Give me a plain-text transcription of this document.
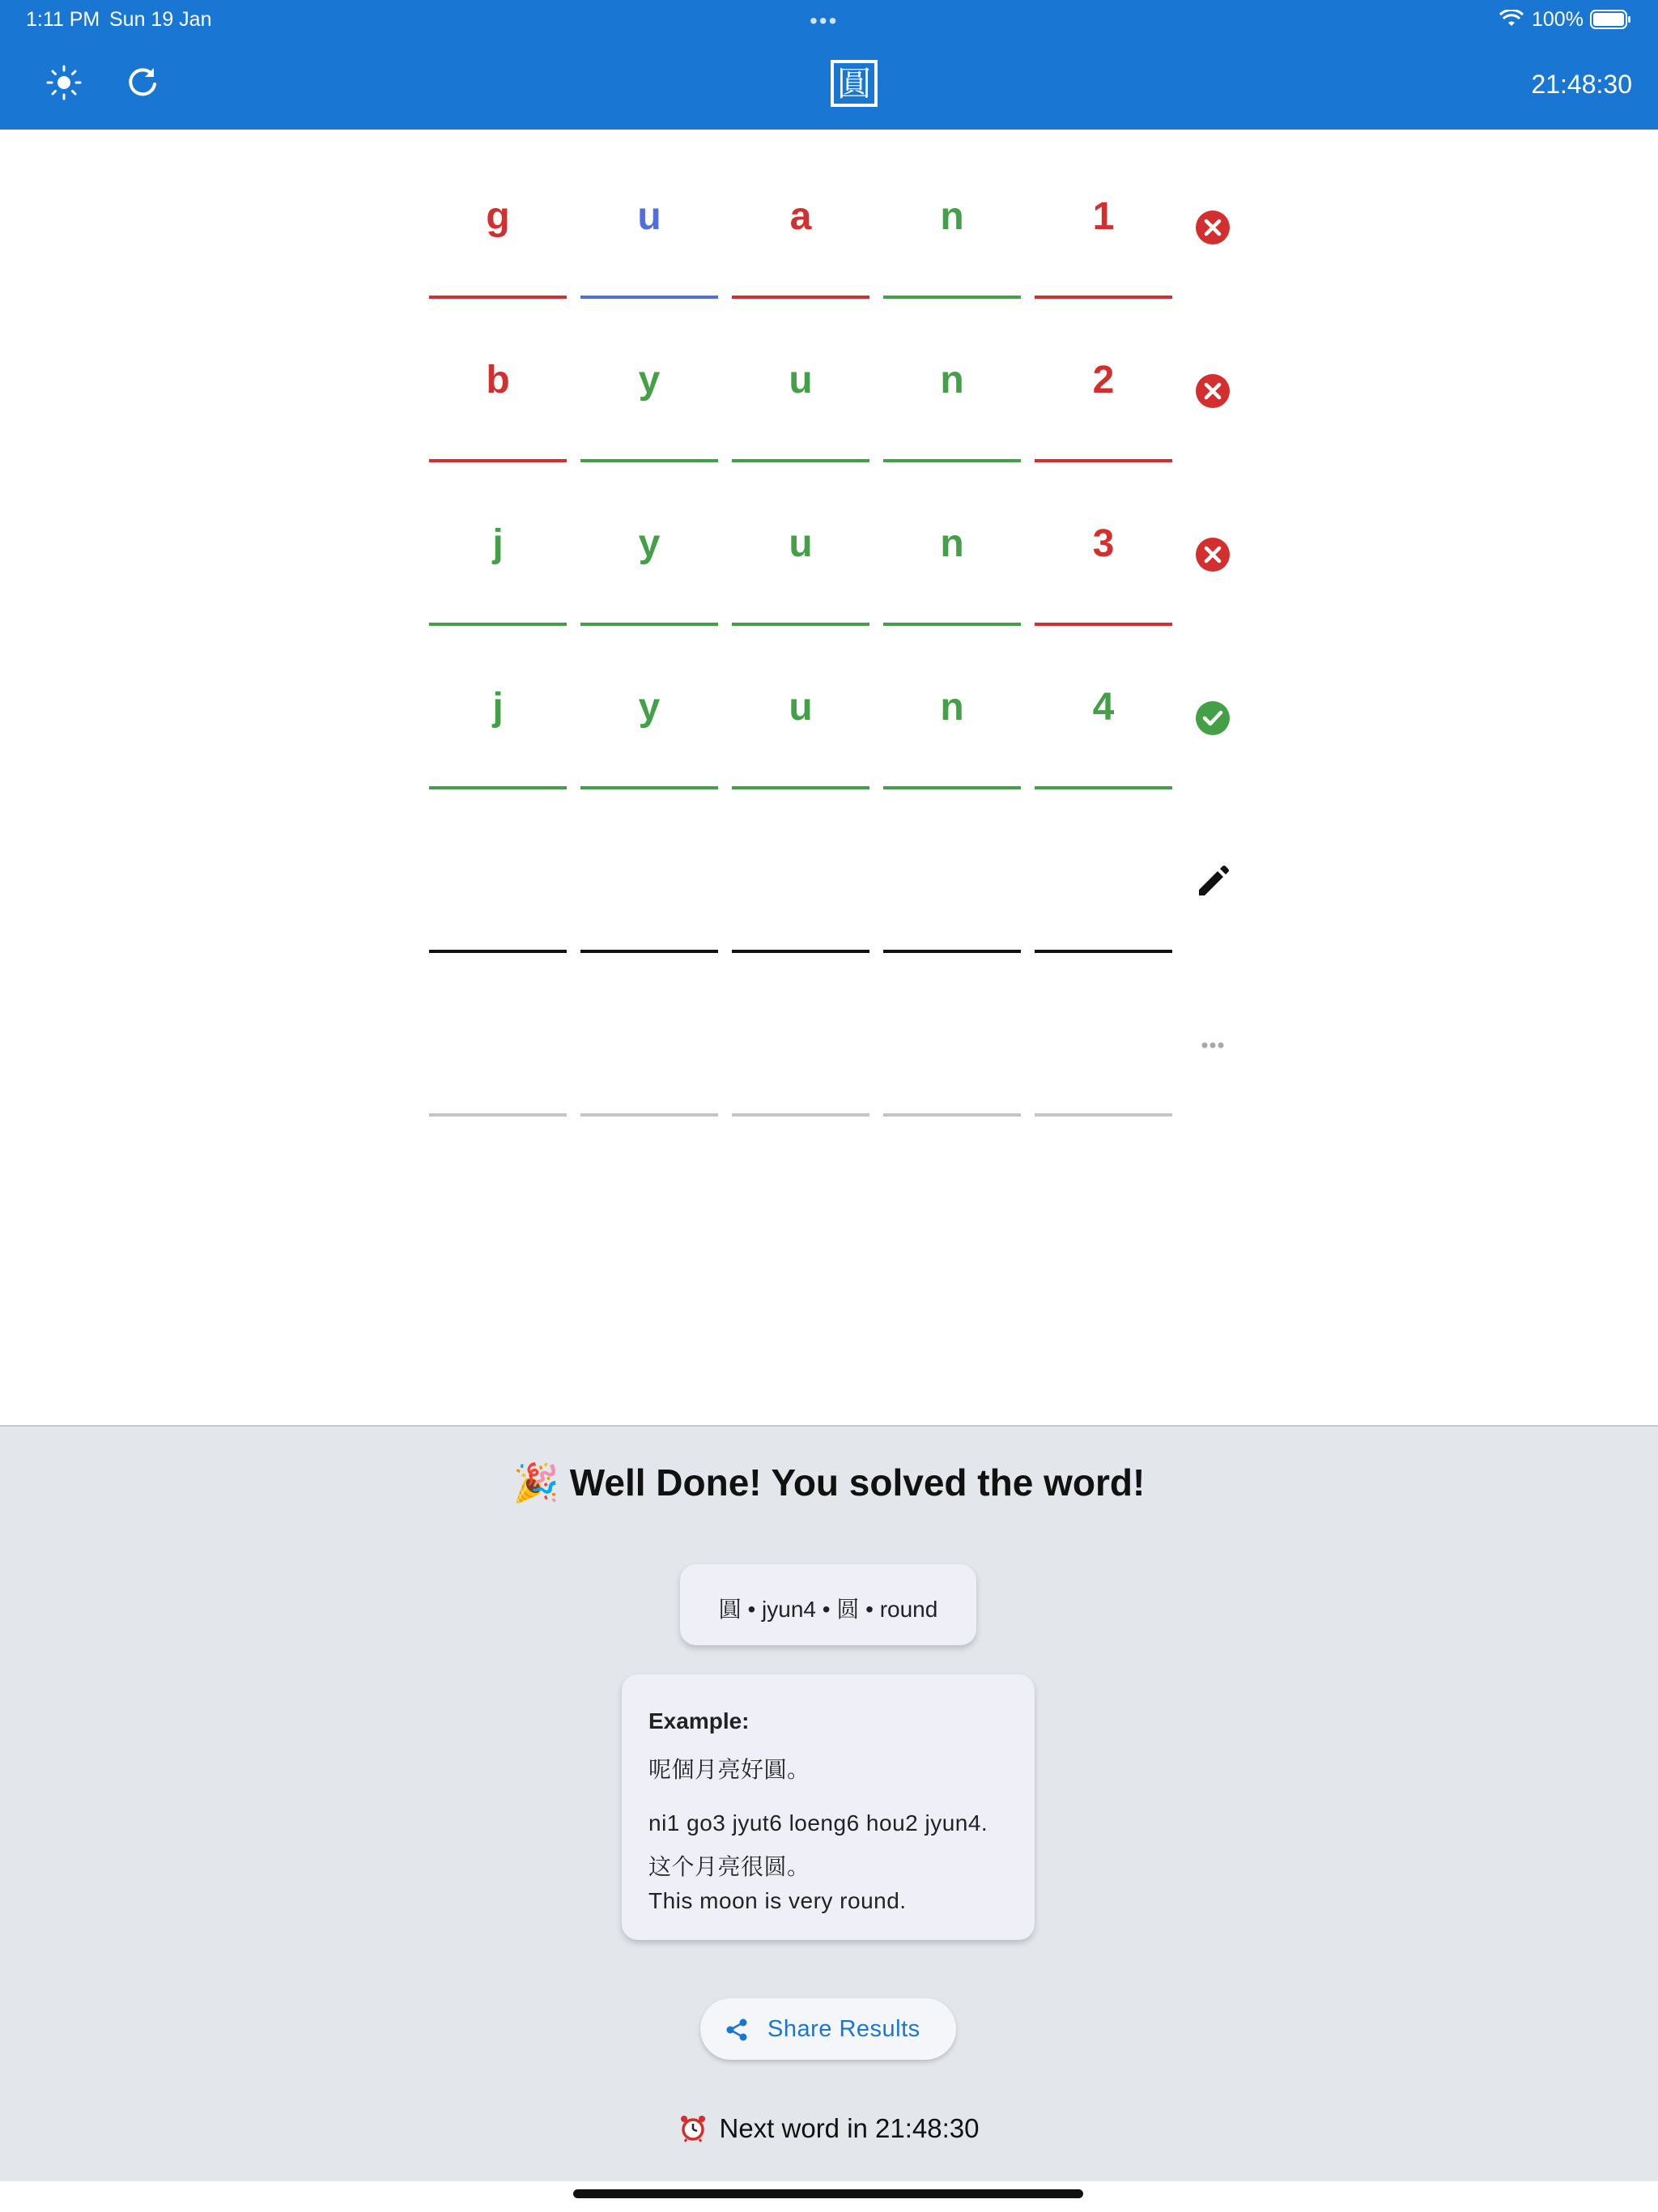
1:11 PM Sun 19 Jan	•••	100%
圓	21:48:30
g	u	a	n	1
b	y	u	n	2
j	y	u	n	3
j	y	u	n	4
🎉 Well Done! You solved the word!
圓 • jyun4 • 圆 • round
Example:
呢個月亮好圓。
ni1 go3 jyut6 loeng6 hou2 jyun4.
这个月亮很圆。
This moon is very round.
Share Results
Next word in 21:48:30
